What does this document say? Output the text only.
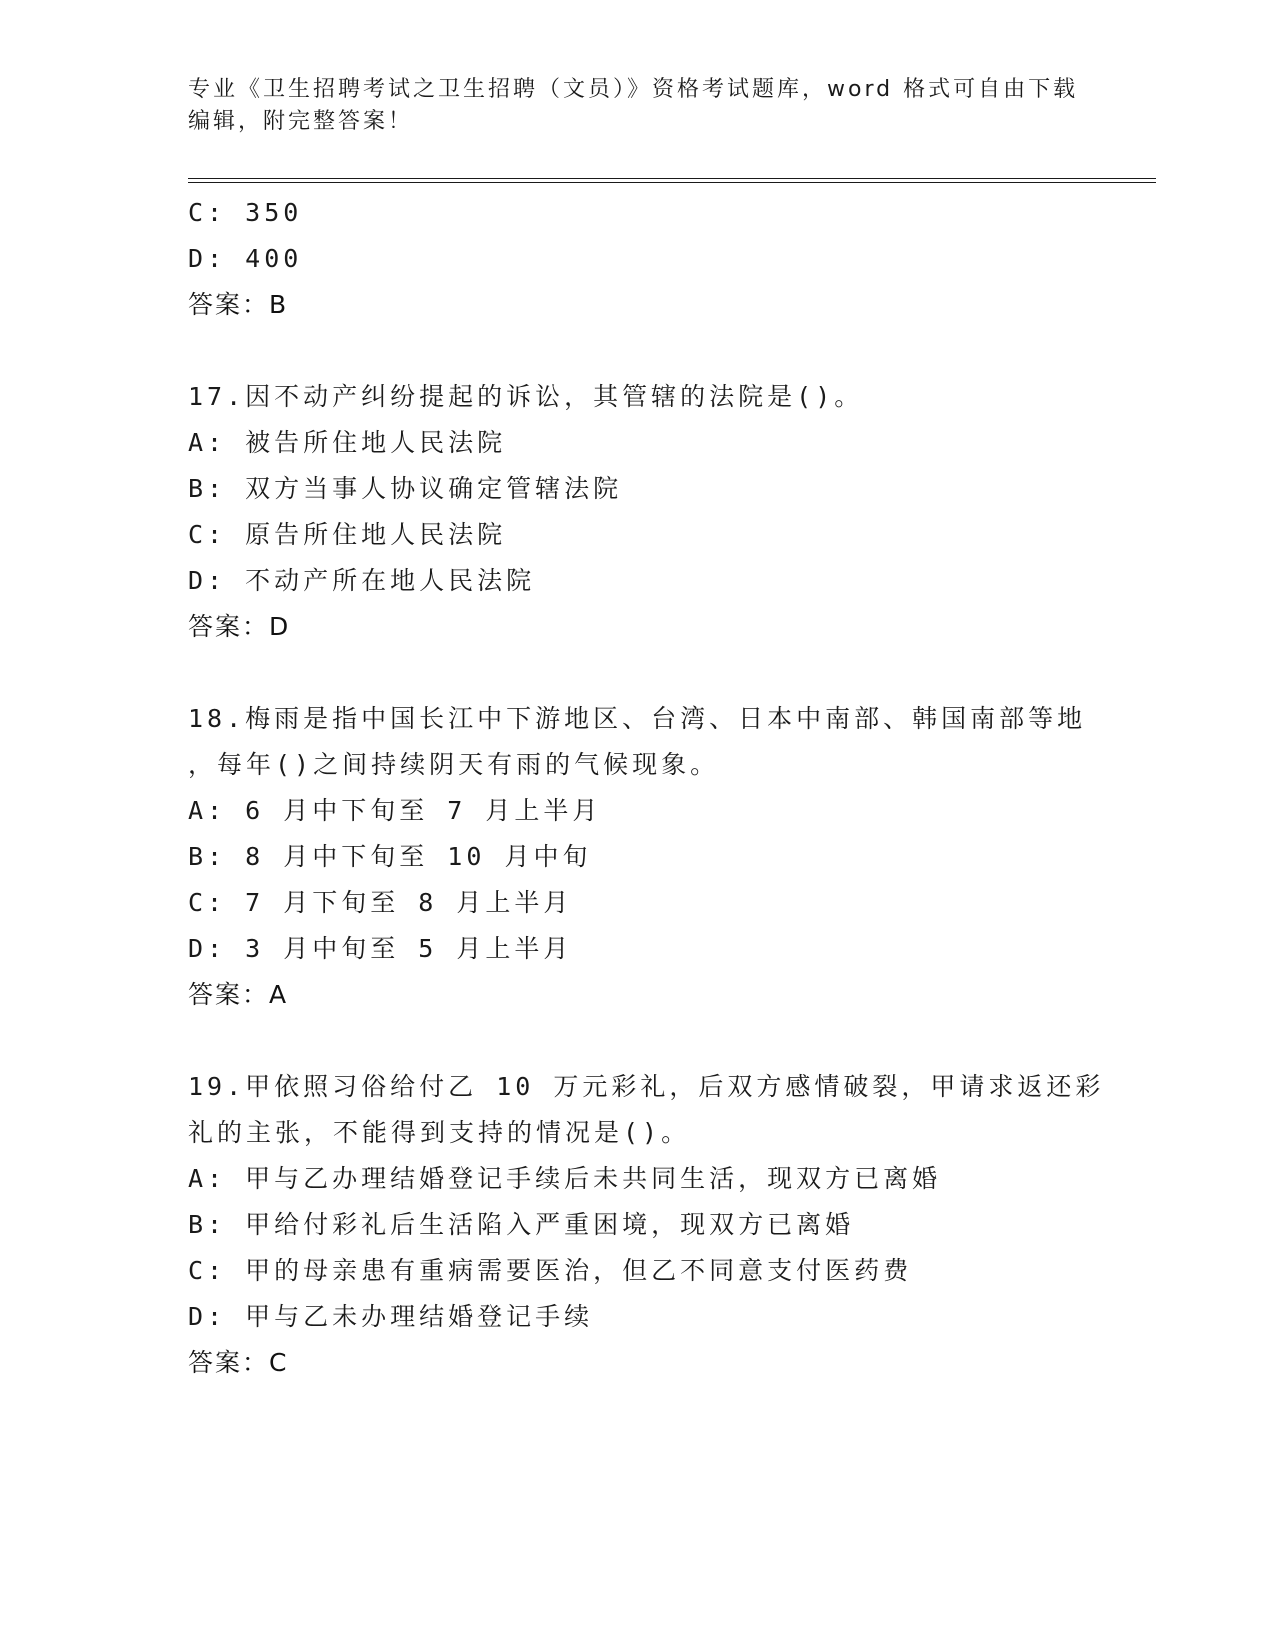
专业《卫生招聘考试之卫生招聘（文员）》资格考试题库，word 格式可自由下载
编辑，附完整答案！
C: 350
D: 400
答案：B
17.因不动产纠纷提起的诉讼，其管辖的法院是()。
A: 被告所住地人民法院
B: 双方当事人协议确定管辖法院
C: 原告所住地人民法院
D: 不动产所在地人民法院
答案：D
18.梅雨是指中国长江中下游地区、台湾、日本中南部、韩国南部等地
，每年()之间持续阴天有雨的气候现象。
A: 6 月中下旬至 7 月上半月
B: 8 月中下旬至 10 月中旬
C: 7 月下旬至 8 月上半月
D: 3 月中旬至 5 月上半月
答案：A
19.甲依照习俗给付乙 10 万元彩礼，后双方感情破裂，甲请求返还彩
礼的主张，不能得到支持的情况是()。
A: 甲与乙办理结婚登记手续后未共同生活，现双方已离婚
B: 甲给付彩礼后生活陷入严重困境，现双方已离婚
C: 甲的母亲患有重病需要医治，但乙不同意支付医药费
D: 甲与乙未办理结婚登记手续
答案：C
